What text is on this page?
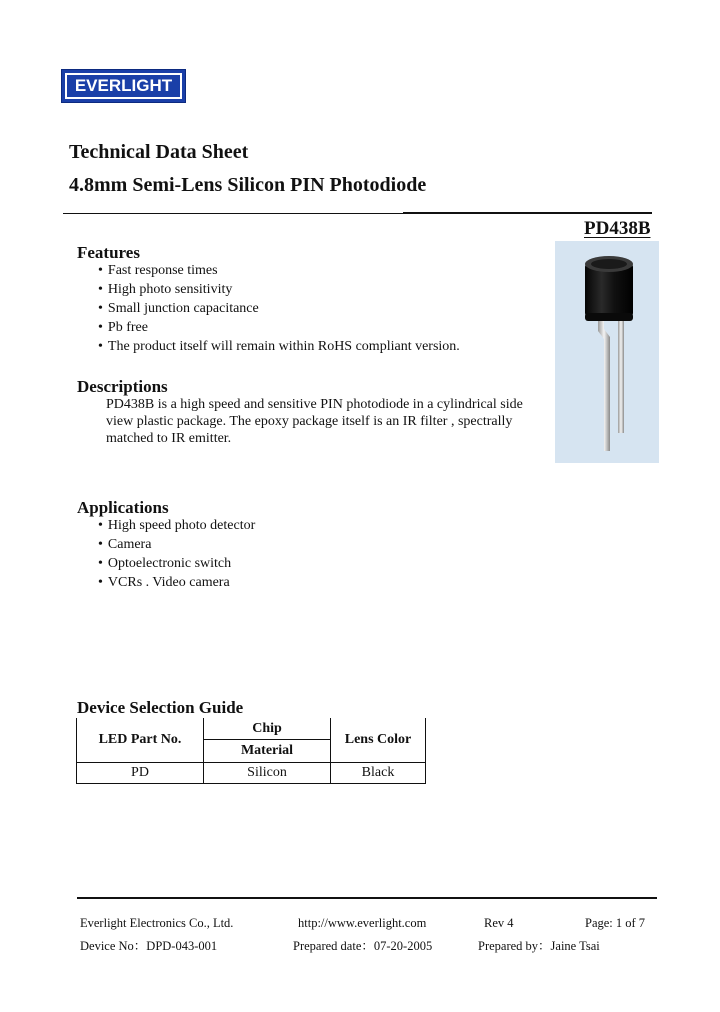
EVERLIGHT
Technical Data Sheet
4.8mm Semi-Lens Silicon PIN Photodiode
PD438B
Features
• Fast response times
• High photo sensitivity
• Small junction capacitance
• Pb free
• The product itself will remain within RoHS compliant version.
Descriptions
PD438B is a high speed and sensitive PIN photodiode in a cylindrical side
view plastic package. The epoxy package itself is an IR filter , spectrally
matched to IR emitter.
Applications
• High speed photo detector
• Camera
• Optoelectronic switch
• VCRs . Video camera
Device Selection Guide
LED Part No.	Chip	Lens Color
	Material	
PD	Silicon	Black
Everlight Electronics Co., Ltd.	http://www.everlight.com	Rev 4	Page: 1 of 7
Device No：DPD-043-001	Prepared date：07-20-2005	Prepared by：Jaine Tsai
